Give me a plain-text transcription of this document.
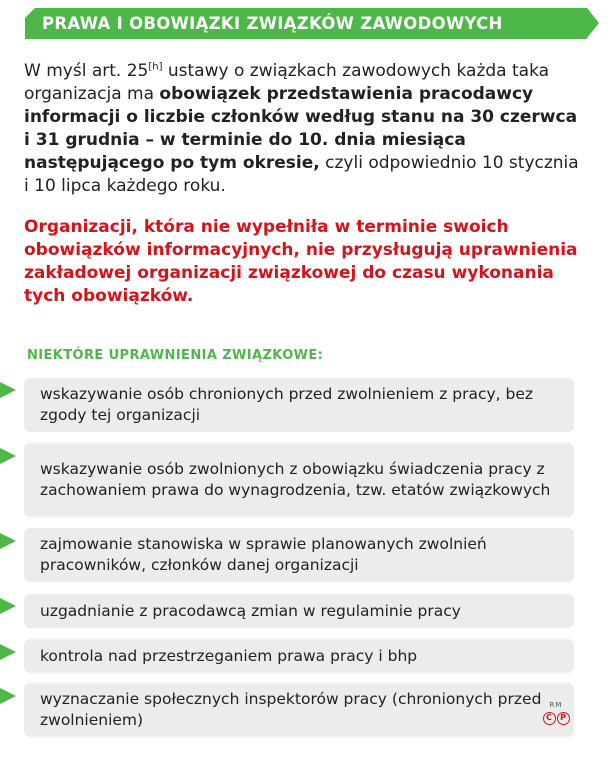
PRAWA I OBOWIĄZKI ZWIĄZKÓW ZAWODOWYCH
W myśl art. 25[h] ustawy o związkach zawodowych każda taka organizacja ma obowiązek przedstawienia pracodawcy informacji o liczbie członków według stanu na 30 czerwca i 31 grudnia – w terminie do 10. dnia miesiąca następującego po tym okresie, czyli odpowiednio 10 stycznia i 10 lipca każdego roku.
Organizacji, która nie wypełniła w terminie swoich obowiązków informacyjnych, nie przysługują uprawnienia zakładowej organizacji związkowej do czasu wykonania tych obowiązków.
NIEKTÓRE UPRAWNIENIA ZWIĄZKOWE:
wskazywanie osób chronionych przed zwolnieniem z pracy, bez zgody tej organizacji
wskazywanie osób zwolnionych z obowiązku świadczenia pracy z zachowaniem prawa do wynagrodzenia, tzw. etatów związkowych
zajmowanie stanowiska w sprawie planowanych zwolnień pracowników, członków danej organizacji
uzgadnianie z pracodawcą zmian w regulaminie pracy
kontrola nad przestrzeganiem prawa pracy i bhp
wyznaczanie społecznych inspektorów pracy (chronionych przed zwolnieniem)
RM
C	P
